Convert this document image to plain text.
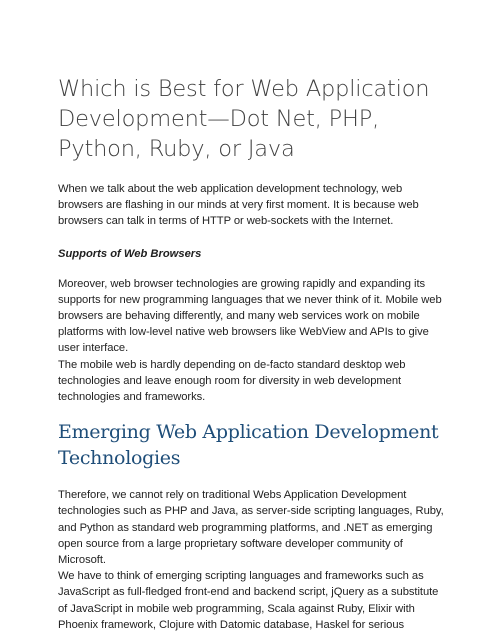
Which is Best for Web Application Development—Dot Net, PHP, Python, Ruby, or Java

When we talk about the web application development technology, web browsers are flashing in our minds at very first moment. It is because web browsers can talk in terms of HTTP or web-sockets with the Internet.

Supports of Web Browsers

Moreover, web browser technologies are growing rapidly and expanding its supports for new programming languages that we never think of it. Mobile web browsers are behaving differently, and many web services work on mobile platforms with low-level native web browsers like WebView and APIs to give user interface.

The mobile web is hardly depending on de-facto standard desktop web technologies and leave enough room for diversity in web development technologies and frameworks.

Emerging Web Application Development Technologies

Therefore, we cannot rely on traditional Webs Application Development technologies such as PHP and Java, as server-side scripting languages, Ruby, and Python as standard web programming platforms, and .NET as emerging open source from a large proprietary software developer community of Microsoft.

We have to think of emerging scripting languages and frameworks such as JavaScript as full-fledged front-end and backend script, jQuery as a substitute of JavaScript in mobile web programming, Scala against Ruby, Elixir with Phoenix framework, Clojure with Datomic database, Haskel for serious
